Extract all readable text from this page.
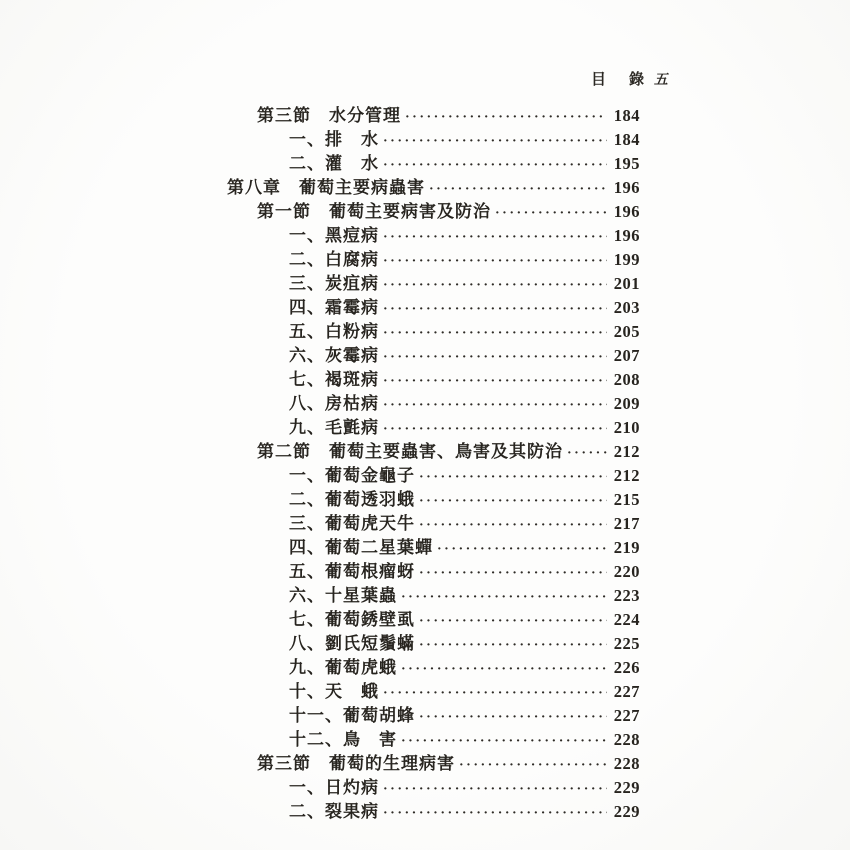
目　錄 五
第三節　水分管理 ·····	184
一、排　水 ·····	184
二、灌　水 ·····	195
第八章　葡萄主要病蟲害 ·····	196
第一節　葡萄主要病害及防治 ·····	196
一、黑痘病 ·····	196
二、白腐病 ·····	199
三、炭疽病 ·····	201
四、霜霉病 ·····	203
五、白粉病 ·····	205
六、灰霉病 ·····	207
七、褐斑病 ·····	208
八、房枯病 ·····	209
九、毛氈病 ·····	210
第二節　葡萄主要蟲害、鳥害及其防治 ·····	212
一、葡萄金龜子 ·····	212
二、葡萄透羽蛾 ·····	215
三、葡萄虎天牛 ·····	217
四、葡萄二星葉蟬 ·····	219
五、葡萄根瘤蚜 ·····	220
六、十星葉蟲 ·····	223
七、葡萄銹壁虱 ·····	224
八、劉氏短鬚蟎 ·····	225
九、葡萄虎蛾 ·····	226
十、天　蛾 ·····	227
十一、葡萄胡蜂 ·····	227
十二、鳥　害 ·····	228
第三節　葡萄的生理病害 ·····	228
一、日灼病 ·····	229
二、裂果病 ·····	229
